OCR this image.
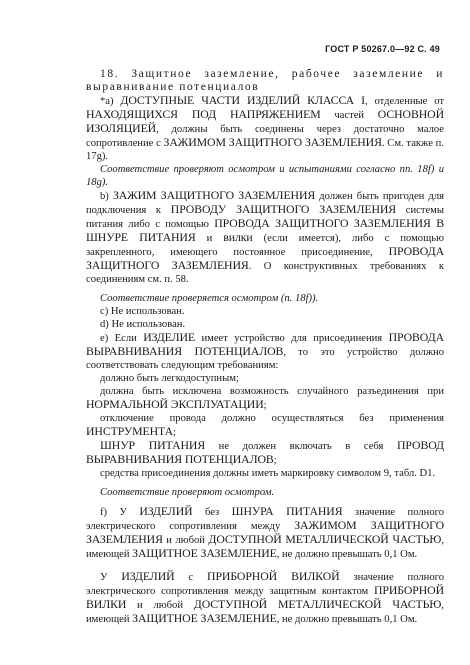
ГОСТ Р 50267.0—92 С. 49

18. Защитное заземление, рабочее заземление и выравнивание потенциалов

*а) ДОСТУПНЫЕ ЧАСТИ ИЗДЕЛИЙ КЛАССА I, отделенные от НАХОДЯЩИХСЯ ПОД НАПРЯЖЕНИЕМ частей ОСНОВНОЙ ИЗОЛЯЦИЕЙ, должны быть соединены через достаточно малое сопротивление с ЗАЖИМОМ ЗАЩИТНОГО ЗАЗЕМЛЕНИЯ. См. также п. 17g).

Соответствие проверяют осмотром и испытаниями согласно пп. 18f) и 18g).

b) ЗАЖИМ ЗАЩИТНОГО ЗАЗЕМЛЕНИЯ должен быть пригоден для подключения к ПРОВОДУ ЗАЩИТНОГО ЗАЗЕМЛЕНИЯ системы питания либо с помощью ПРОВОДА ЗАЩИТНОГО ЗАЗЕМЛЕНИЯ В ШНУРЕ ПИТАНИЯ и вилки (если имеется), либо с помощью закрепленного, имеющего постоянное присоединение, ПРОВОДА ЗАЩИТНОГО ЗАЗЕМЛЕНИЯ. О конструктивных требованиях к соединениям см. п. 58.

Соответствие проверяется осмотром (п. 18f)).

с) Не использован.

d) Не использован.

е) Если ИЗДЕЛИЕ имеет устройство для присоединения ПРОВОДА ВЫРАВНИВАНИЯ ПОТЕНЦИАЛОВ, то это устройство должно соответствовать следующим требованиям:

должно быть легкодоступным;

должна быть исключена возможность случайного разъединения при НОРМАЛЬНОЙ ЭКСПЛУАТАЦИИ;

отключение провода должно осуществляться без применения ИНСТРУМЕНТА;

ШНУР ПИТАНИЯ не должен включать в себя ПРОВОД ВЫРАВНИВАНИЯ ПОТЕНЦИАЛОВ;

средства присоединения должны иметь маркировку символом 9, табл. D1.

Соответствие проверяют осмотром.

f) У ИЗДЕЛИЙ без ШНУРА ПИТАНИЯ значение полного электрического сопротивления между ЗАЖИМОМ ЗАЩИТНОГО ЗАЗЕМЛЕНИЯ и любой ДОСТУПНОЙ МЕТАЛЛИЧЕСКОЙ ЧАСТЬЮ, имеющей ЗАЩИТНОЕ ЗАЗЕМЛЕНИЕ, не должно превышать 0,1 Ом.

У ИЗДЕЛИЙ с ПРИБОРНОЙ ВИЛКОЙ значение полного электрического сопротивления между защитным контактом ПРИБОРНОЙ ВИЛКИ и любой ДОСТУПНОЙ МЕТАЛЛИЧЕСКОЙ ЧАСТЬЮ, имеющей ЗАЩИТНОЕ ЗАЗЕМЛЕНИЕ, не должно превышать 0,1 Ом.
